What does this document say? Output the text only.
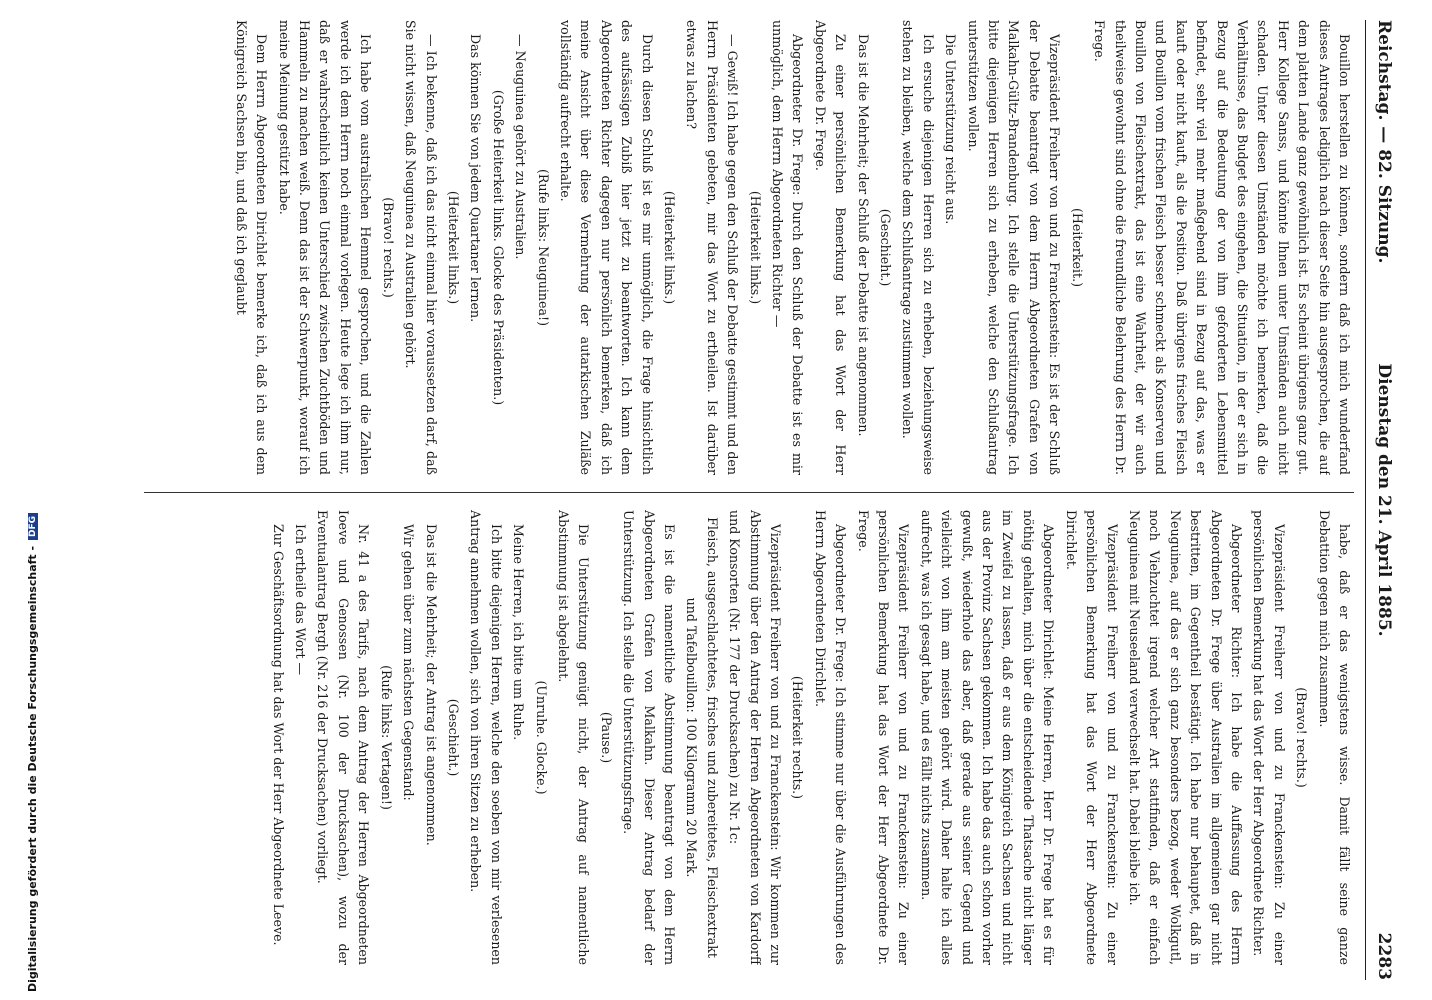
Reichstag. — 82. Sitzung.
Dienstag den 21. April 1885.
2283

Bouillon herstellen zu können, sondern daß ich mich wunderfand dieses Antrages lediglich nach dieser Seite hin ausgesprochen, die auf dem platten Lande ganz gewöhnlich ist. Es scheint übrigens ganz gut. Herr Kollege Sanss, und könnte Ihnen unter Umständen auch nicht schaden. Unter diesen Umständen möchte ich bemerken, daß die Verhältnisse, das Budget des eingehen, die Situation, in der er sich in Bezug auf die Bedeutung der von ihm geforderten Lebensmittel befindet, sehr viel mehr maßgebend sind in Bezug auf das, was er kauft oder nicht kauft, als die Position. Daß übrigens frisches Fleisch und Bouillon vom frischen Fleisch besser schmeckt als Konserven und Bouillon von Fleischextrakt, das ist eine Wahrheit, der wir auch theilweise gewohnt sind ohne die freundliche Belehrung des Herrn Dr. Frege.

(Heiterkeit.)

Vizepräsident Freiherr von und zu Franckenstein: Es ist der Schluß der Debatte beantragt von dem Herrn Abgeordneten Grafen von Malkahn-Gültz-Brandenburg. Ich stelle die Unterstützungsfrage. Ich bitte diejenigen Herren sich zu erheben, welche den Schlußantrag unterstützen wollen.

Die Unterstützung reicht aus.

Ich ersuche diejenigen Herren sich zu erheben, beziehungsweise stehen zu bleiben, welche dem Schlußantrage zustimmen wollen.

(Geschieht.)

Das ist die Mehrheit; der Schluß der Debatte ist angenommen.

Zu einer persönlichen Bemerkung hat das Wort der Herr Abgeordnete Dr. Frege.

Abgeordneter Dr. Frege: Durch den Schluß der Debatte ist es mir unmöglich, dem Herrn Abgeordneten Richter —

(Heiterkeit links.)

— Gewiß! Ich habe gegen den Schluß der Debatte gestimmt und den Herrn Präsidenten gebeten, mir das Wort zu ertheilen. Ist darüber etwas zu lachen?

(Heiterkeit links.)

Durch diesen Schluß ist es mir unmöglich, die Frage hinsichtlich des aufsässigen Zubiß hier jetzt zu beantworten. Ich kann dem Abgeordneten Richter dagegen nur persönlich bemerken, daß ich meine Ansicht über diese Vermehrung der autarkischen Zuläße vollständig aufrecht erhalte.

(Rufe links: Neuguinea!)

— Neuguinea gehört zu Australien.

(Große Heiterkeit links. Glocke des Präsidenten.)

Das können Sie von jedem Quartaner lernen.

(Heiterkeit links.)

— Ich bekenne, daß ich das nicht einmal hier voraussetzen darf, daß Sie nicht wissen, daß Neuguinea zu Australien gehört.

(Bravo! rechts.)

Ich habe vom australischen Hemmel gesprochen, und die Zahlen werde ich dem Herrn noch einmal vorlegen. Heute lege ich ihm nur, daß er wahrscheinlich keinen Unterschied zwischen Zuchtböden und Hammeln zu machen weiß. Denn das ist der Schwerpunkt, worauf ich meine Meinung gestützt habe.

Dem Herrn Abgeordneten Dirichlet bemerke ich, daß ich aus dem Königreich Sachsen bin, und daß ich geglaubt

habe, daß er das wenigstens wisse. Damit fällt seine ganze Debattion gegen mich zusammen.

(Bravo! rechts.)

Vizepräsident Freiherr von und zu Franckenstein: Zu einer persönlichen Bemerkung hat das Wort der Herr Abgeordnete Richter.

Abgeordneter Richter: Ich habe die Auffassung des Herrn Abgeordneten Dr. Frege über Australien im allgemeinen gar nicht bestritten, im Gegentheil bestätigt. Ich habe nur behauptet, daß in Neuguinea, auf das er sich ganz besonders bezog, weder Wolkgutl, noch Viehzuchtet irgend welcher Art stattfinden, daß er einfach Neuguinea mit Neuseeland verwechselt hat. Dabei bleibe ich.

Vizepräsident Freiherr von und zu Franckenstein: Zu einer persönlichen Bemerkung hat das Wort der Herr Abgeordnete Dirichlet.

Abgeordneter Dirichlet: Meine Herren, Herr Dr. Frege hat es für nöthig gehalten, mich über die entscheidende Thatsache nicht länger im Zweifel zu lassen, daß er aus dem Königreich Sachsen und nicht aus der Provinz Sachsen gekommen. Ich habe das auch schon vorher gewußt, wiederhole das aber, daß gerade aus seiner Gegend und vielleicht von ihm am meisten gehört wird. Daher halte ich alles aufrecht, was ich gesagt habe, und es fällt nichts zusammen.

Vizepräsident Freiherr von und zu Franckenstein: Zu einer persönlichen Bemerkung hat das Wort der Herr Abgeordnete Dr. Frege.

Abgeordneter Dr. Frege: Ich stimme nur über die Ausführungen des Herrn Abgeordneten Dirichlet.

(Heiterkeit rechts.)

Vizepräsident Freiherr von und zu Franckenstein: Wir kommen zur Abstimmung über den Antrag der Herren Abgeordneten von Kardorff und Konsorten (Nr. 177 der Drucksachen) zu Nr. 1c:

Fleisch, ausgeschlachtetes, frisches und zubereitetes, Fleischextrakt und Tafelbouillon: 100 Kilogramm 20 Mark.

Es ist die namentliche Abstimmung beantragt von dem Herrn Abgeordneten Grafen von Malkahn. Dieser Antrag bedarf der Unterstützung. Ich stelle die Unterstützungsfrage.

(Pause.)

Die Unterstützung genügt nicht, der Antrag auf namentliche Abstimmung ist abgelehnt.

(Unruhe. Glocke.)

Meine Herren, ich bitte um Ruhe.

Ich bitte diejenigen Herren, welche den soeben von mir verlesenen Antrag annehmen wollen, sich von ihren Sitzen zu erheben.

(Geschieht.)

Das ist die Mehrheit; der Antrag ist angenommen.

Wir gehen über zum nächsten Gegenstand:

(Rufe links: Vertagen!)

Nr. 41 a des Tarifs, nach dem Antrag der Herren Abgeordneten Ioeve und Genossen (Nr. 100 der Drucksachen), wozu der Eventualantrag Bergh (Nr. 216 der Drucksachen) vorliegt.

Ich ertheile das Wort —

Zur Geschäftsordnung hat das Wort der Herr Abgeordnete Leeve.

Digitalisierung gefördert durch die Deutsche Forschungsgemeinschaft -DFG
